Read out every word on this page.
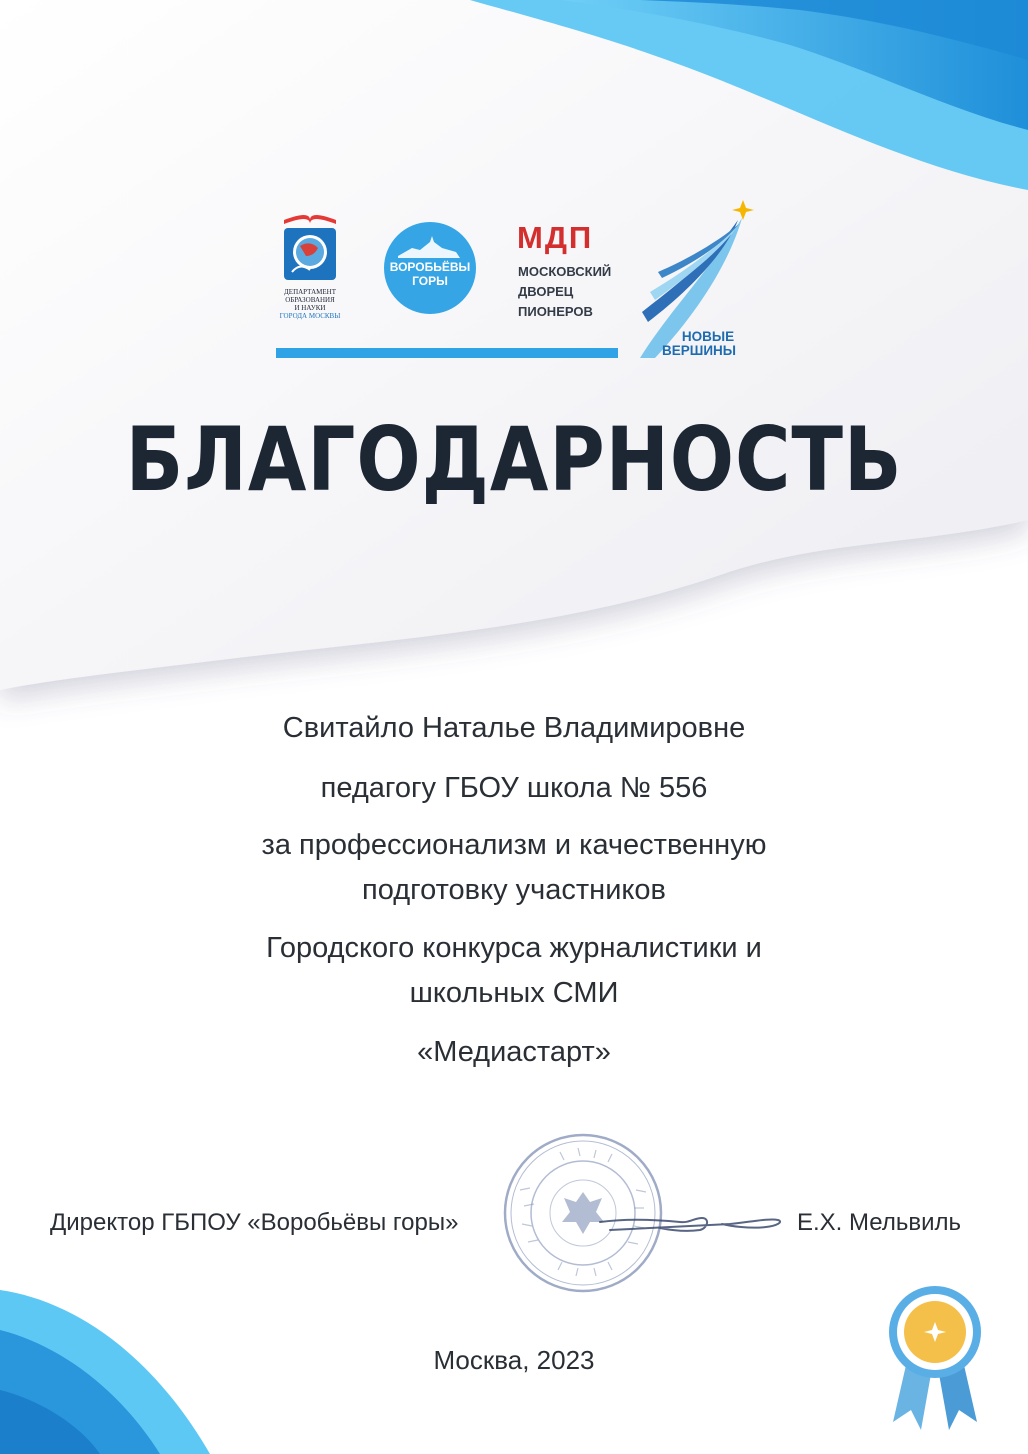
ДЕПАРТАМЕНТ
ОБРАЗОВАНИЯ
И НАУКИ
ГОРОДА МОСКВЫ
ВОРОБЬЁВЫ
ГОРЫ
МДП
МОСКОВСКИЙ
ДВОРЕЦ
ПИОНЕРОВ
НОВЫЕ
ВЕРШИНЫ
БЛАГОДАРНОСТЬ
Свитайло Наталье Владимировне
педагогу ГБОУ школа № 556
за профессионализм и качественную
подготовку участников
Городского конкурса журналистики и
школьных СМИ
«Медиастарт»
Директор ГБПОУ «Воробьёвы горы»	Е.Х. Мельвиль
Москва, 2023
